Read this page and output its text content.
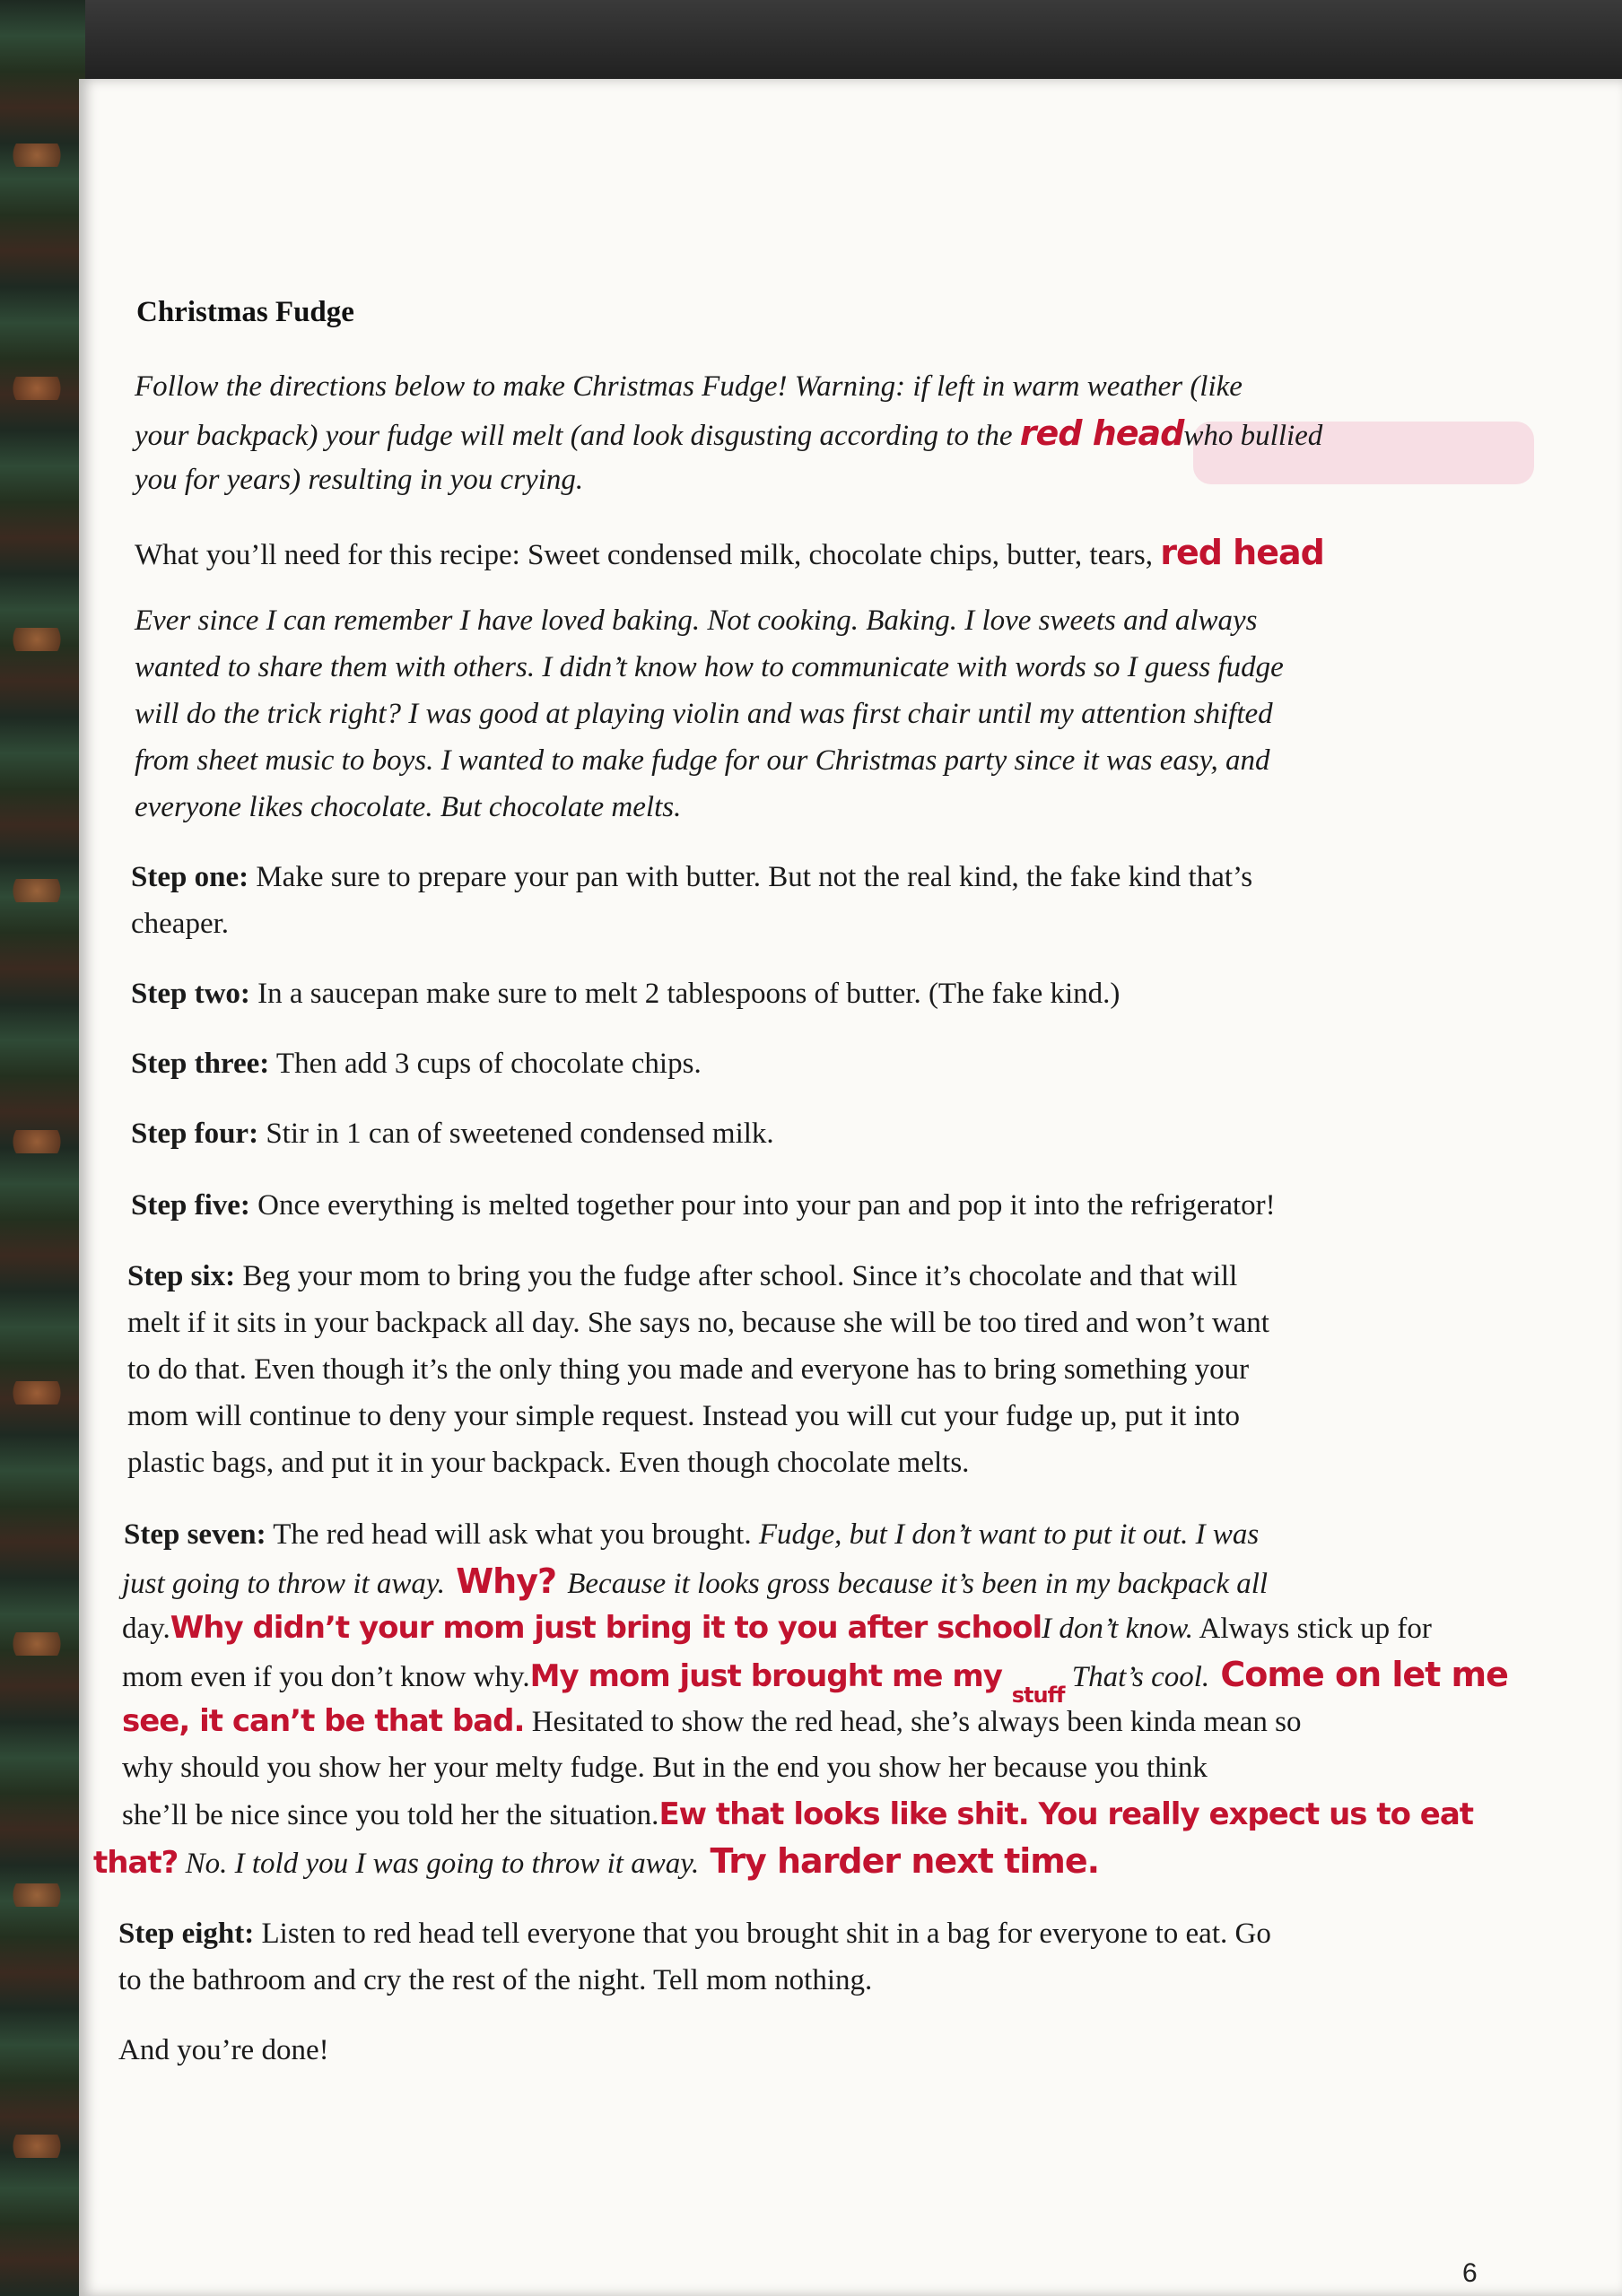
Christmas Fudge
Follow the directions below to make Christmas Fudge! Warning: if left in warm weather (like
your backpack) your fudge will melt (and look disgusting according to the red headwho bullied
you for years) resulting in you crying.
What you’ll need for this recipe: Sweet condensed milk, chocolate chips, butter, tears, red head
Ever since I can remember I have loved baking. Not cooking. Baking. I love sweets and always
wanted to share them with others. I didn’t know how to communicate with words so I guess fudge
will do the trick right? I was good at playing violin and was first chair until my attention shifted
from sheet music to boys. I wanted to make fudge for our Christmas party since it was easy, and
everyone likes chocolate. But chocolate melts.
Step one: Make sure to prepare your pan with butter. But not the real kind, the fake kind that’s
cheaper.
Step two: In a saucepan make sure to melt 2 tablespoons of butter. (The fake kind.)
Step three: Then add 3 cups of chocolate chips.
Step four: Stir in 1 can of sweetened condensed milk.
Step five: Once everything is melted together pour into your pan and pop it into the refrigerator!
Step six: Beg your mom to bring you the fudge after school. Since it’s chocolate and that will
melt if it sits in your backpack all day. She says no, because she will be too tired and won’t want
to do that. Even though it’s the only thing you made and everyone has to bring something your
mom will continue to deny your simple request. Instead you will cut your fudge up, put it into
plastic bags, and put it in your backpack. Even though chocolate melts.
Step seven: The red head will ask what you brought. Fudge, but I don’t want to put it out. I was
just going to throw it away. Why? Because it looks gross because it’s been in my backpack all
day.Why didn’t your mom just bring it to you after schoolI don’t know. Always stick up for
mom even if you don’t know why.My mom just brought me my $_{stuff}$ That’s cool. Come on let me
see, it can’t be that bad. Hesitated to show the red head, she’s always been kinda mean so
why should you show her your melty fudge. But in the end you show her because you think
she’ll be nice since you told her the situation.Ew that looks like shit. You really expect us to eat
that? No. I told you I was going to throw it away. Try harder next time.
Step eight: Listen to red head tell everyone that you brought shit in a bag for everyone to eat. Go
to the bathroom and cry the rest of the night. Tell mom nothing.
And you’re done!
6
